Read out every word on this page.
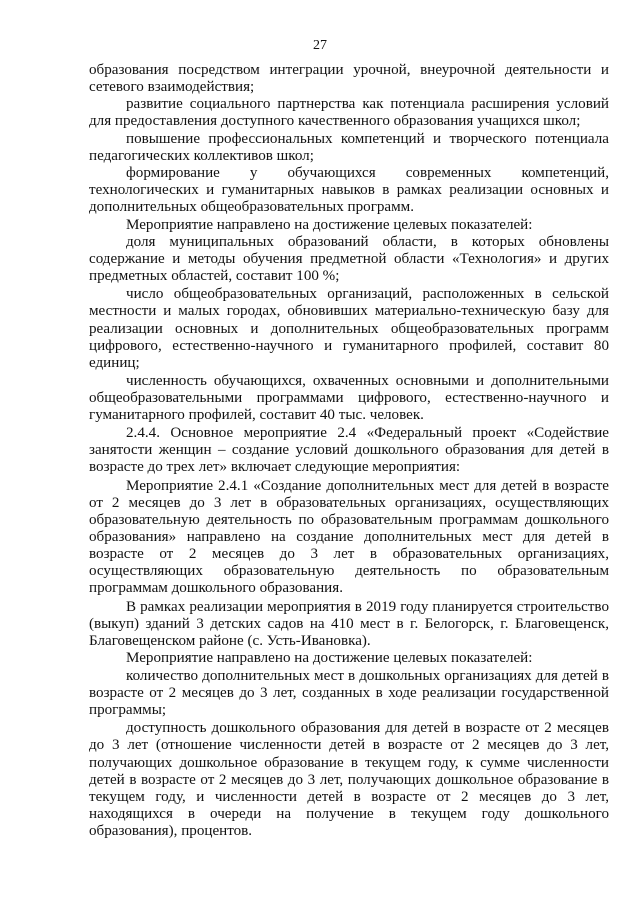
27

образования посредством интеграции урочной, внеурочной деятельности и сетевого взаимодействия;

развитие социального партнерства как потенциала расширения условий для предоставления доступного качественного образования учащихся школ;

повышение профессиональных компетенций и творческого потенциала педагогических коллективов школ;

формирование у обучающихся современных компетенций, технологических и гуманитарных навыков в рамках реализации основных и дополнительных общеобразовательных программ.

Мероприятие направлено на достижение целевых показателей:

доля муниципальных образований области, в которых обновлены содержание и методы обучения предметной области «Технология» и других предметных областей, составит 100 %;

число общеобразовательных организаций, расположенных в сельской местности и малых городах, обновивших материально-техническую базу для реализации основных и дополнительных общеобразовательных программ цифрового, естественно-научного и гуманитарного профилей, составит 80 единиц;

численность обучающихся, охваченных основными и дополнительными общеобразовательными программами цифрового, естественно-научного и гуманитарного профилей, составит 40 тыс. человек.

2.4.4. Основное мероприятие 2.4 «Федеральный проект «Содействие занятости женщин – создание условий дошкольного образования для детей в возрасте до трех лет» включает следующие мероприятия:

Мероприятие 2.4.1 «Создание дополнительных мест для детей в возрасте от 2 месяцев до 3 лет в образовательных организациях, осуществляющих образовательную деятельность по образовательным программам дошкольного образования» направлено на создание дополнительных мест для детей в возрасте от 2 месяцев до 3 лет в образовательных организациях, осуществляющих образовательную деятельность по образовательным программам дошкольного образования.

В рамках реализации мероприятия в 2019 году планируется строительство (выкуп) зданий 3 детских садов на 410 мест в г. Белогорск, г. Благовещенск, Благовещенском районе (с. Усть-Ивановка).

Мероприятие направлено на достижение целевых показателей:

количество дополнительных мест в дошкольных организациях для детей в возрасте от 2 месяцев до 3 лет, созданных в ходе реализации государственной программы;

доступность дошкольного образования для детей в возрасте от 2 месяцев до 3 лет (отношение численности детей в возрасте от 2 месяцев до 3 лет, получающих дошкольное образование в текущем году, к сумме численности детей в возрасте от 2 месяцев до 3 лет, получающих дошкольное образование в текущем году, и численности детей в возрасте от 2 месяцев до 3 лет, находящихся в очереди на получение в текущем году дошкольного образования), процентов.
